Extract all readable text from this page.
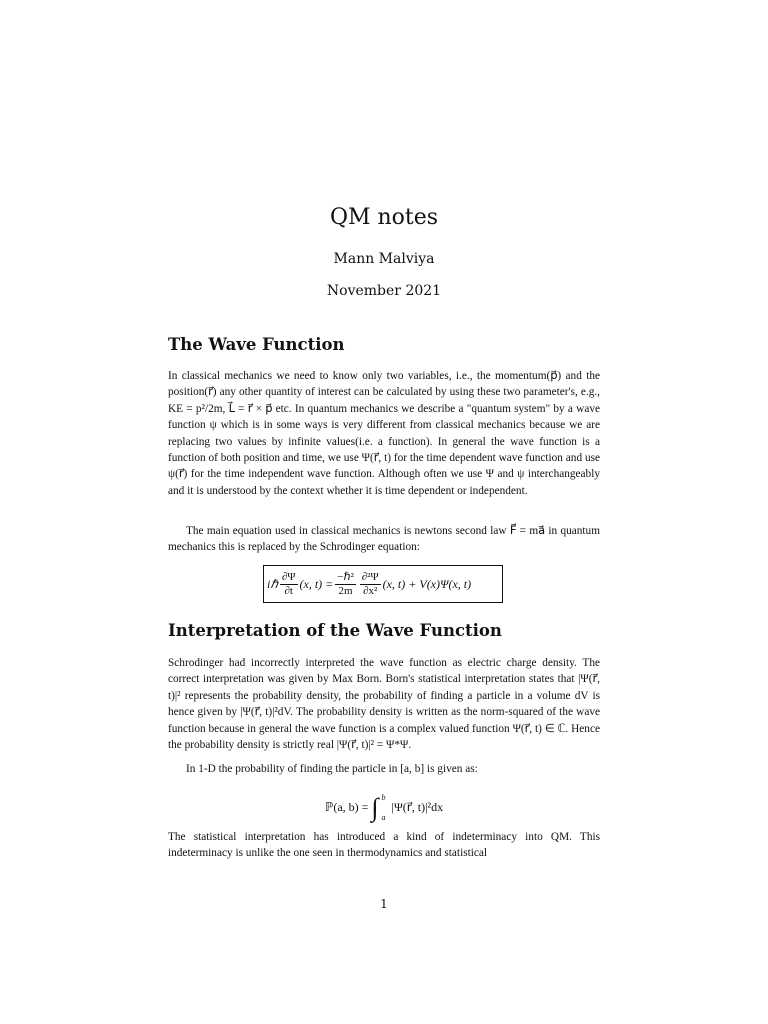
QM notes
Mann Malviya
November 2021
The Wave Function

In classical mechanics we need to know only two variables, i.e., the momentum(p⃗) and the position(r⃗) any other quantity of interest can be calculated by using these two parameter's, e.g., KE = p²/2m, L⃗ = r⃗ × p⃗ etc. In quantum mechanics we describe a "quantum system" by a wave function ψ which is in some ways is very different from classical mechanics because we are replacing two values by infinite values(i.e. a function). In general the wave function is a function of both position and time, we use Ψ(r⃗, t) for the time dependent wave function and use ψ(r⃗) for the time independent wave function. Although often we use Ψ and ψ interchangeably and it is understood by the context whether it is time dependent or independent.

The main equation used in classical mechanics is newtons second law F⃗ = ma⃗ in quantum mechanics this is replaced by the Schrodinger equation:

iℏ $\frac{\partial\Psi}{\partial t} (x$, $t) = \frac{\text{−ℏ²}}{2m} \frac{\text{∂²Ψ}}{\text{∂x²}} (x$, t) + V(x)Ψ(x, t)
Interpretation of the Wave Function

Schrodinger had incorrectly interpreted the wave function as electric charge density. The correct interpretation was given by Max Born. Born's statistical interpretation states that |Ψ(r⃗, t)|² represents the probability density, the probability of finding a particle in a volume dV is hence given by |Ψ(r⃗, t)|²dV. The probability density is written as the norm-squared of the wave function because in general the wave function is a complex valued function Ψ(r⃗, t) ∈ ℂ. Hence the probability density is strictly real |Ψ(r⃗, t)|² = Ψ*Ψ.

In 1-D the probability of finding the particle in [a, b] is given as:

ℙ(a, b) = ∫ b
a
|Ψ(r⃗, t)|²dx

The statistical interpretation has introduced a kind of indeterminacy into QM. This indeterminacy is unlike the one seen in thermodynamics and statistical

1
